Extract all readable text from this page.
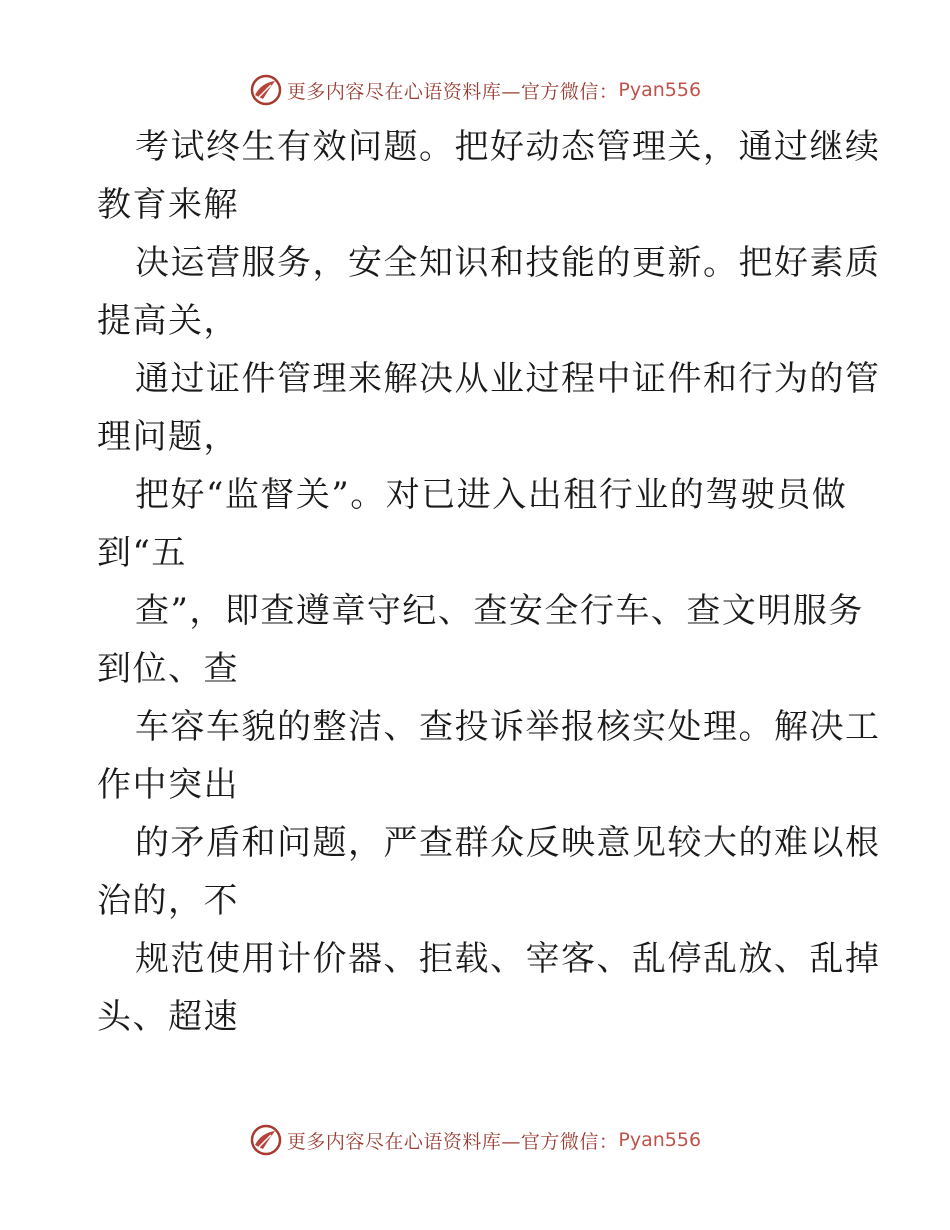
更多内容尽在心语资料库—官方微信： Pyan556

考试终生有效问题。把好动态管理关，通过继续
教育来解

决运营服务，安全知识和技能的更新。把好素质
提高关，

通过证件管理来解决从业过程中证件和行为的管
理问题，

把好“监督关”。对已进入出租行业的驾驶员做
到“五

查”，即查遵章守纪、查安全行车、查文明服务
到位、查

车容车貌的整洁、查投诉举报核实处理。解决工
作中突出

的矛盾和问题，严查群众反映意见较大的难以根
治的，不

规范使用计价器、拒载、宰客、乱停乱放、乱掉
头、超速

更多内容尽在心语资料库—官方微信： Pyan556
